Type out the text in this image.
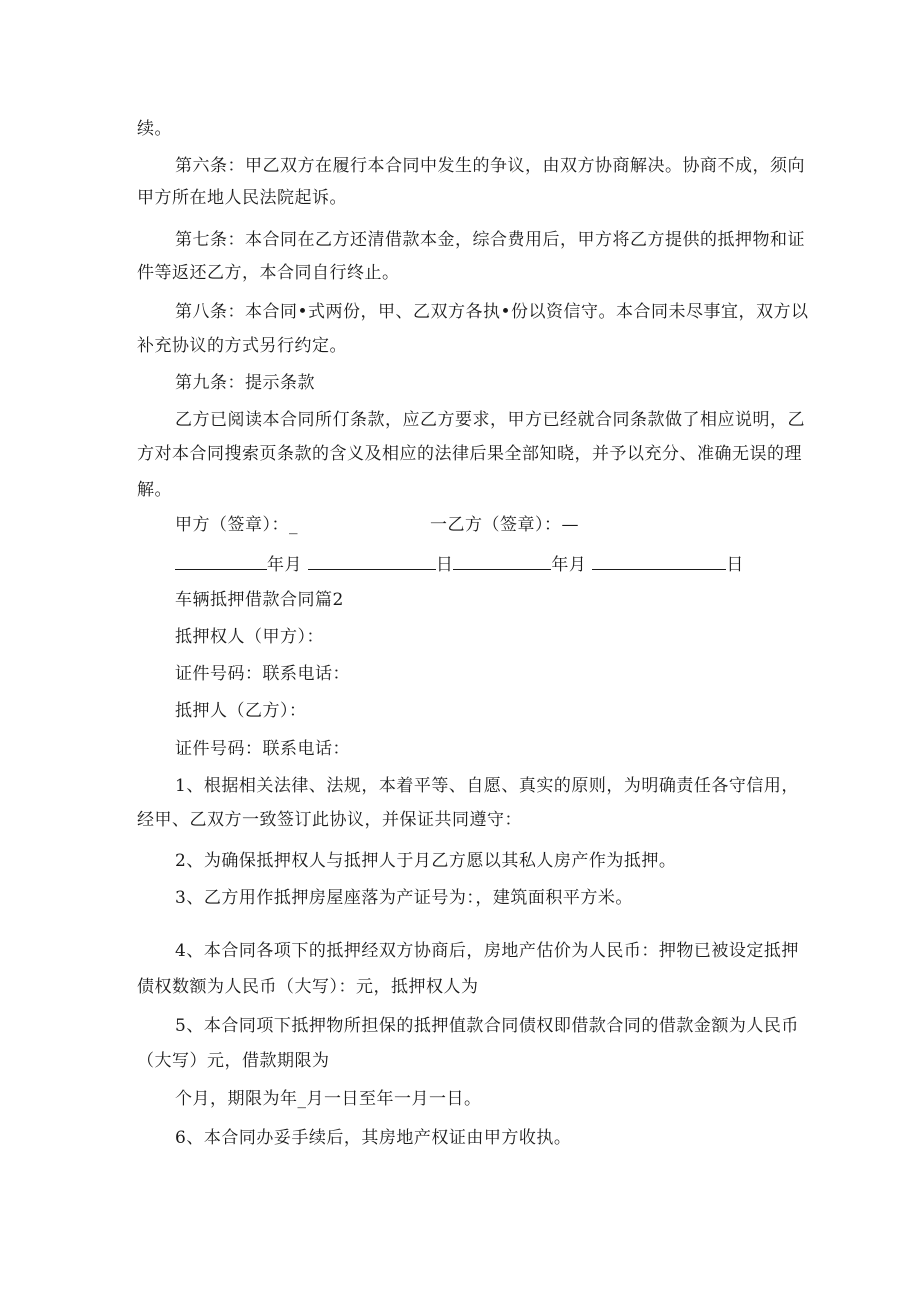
续。
第六条：甲乙双方在履行本合同中发生的争议，由双方协商解决。协商不成，须向
甲方所在地人民法院起诉。
第七条：本合同在乙方还清借款本金，综合费用后，甲方将乙方提供的抵押物和证
件等返还乙方，本合同自行终止。
第八条：本合同•式两份，甲、乙双方各执•份以资信守。本合同未尽事宜，双方以
补充协议的方式另行约定。
第九条：提示条款
乙方已阅读本合同所仃条款，应乙方要求，甲方已经就合同条款做了相应说明，乙
方对本合同搜索页条款的含义及相应的法律后果全部知晓，并予以充分、准确无误的理
解。
甲方（签章）：_	一乙方（签章）：—
年月	日	年月	日
车辆抵押借款合同篇2
抵押权人（甲方）：
证件号码：联系电话：
抵押人（乙方）：
证件号码：联系电话：
1、根据相关法律、法规，本着平等、自愿、真实的原则，为明确责任各守信用，
经甲、乙双方一致签订此协议，并保证共同遵守：
2、为确保抵押权人与抵押人于月乙方愿以其私人房产作为抵押。
3、乙方用作抵押房屋座落为产证号为：，建筑面积平方米。
4、本合同各项下的抵押经双方协商后，房地产估价为人民币：押物已被设定抵押
债权数额为人民币（大写）：元，抵押权人为
5、本合同项下抵押物所担保的抵押值款合同债权即借款合同的借款金额为人民币
（大写）元，借款期限为
个月，期限为年_月一日至年一月一日。
6、本合同办妥手续后，其房地产权证由甲方收执。
